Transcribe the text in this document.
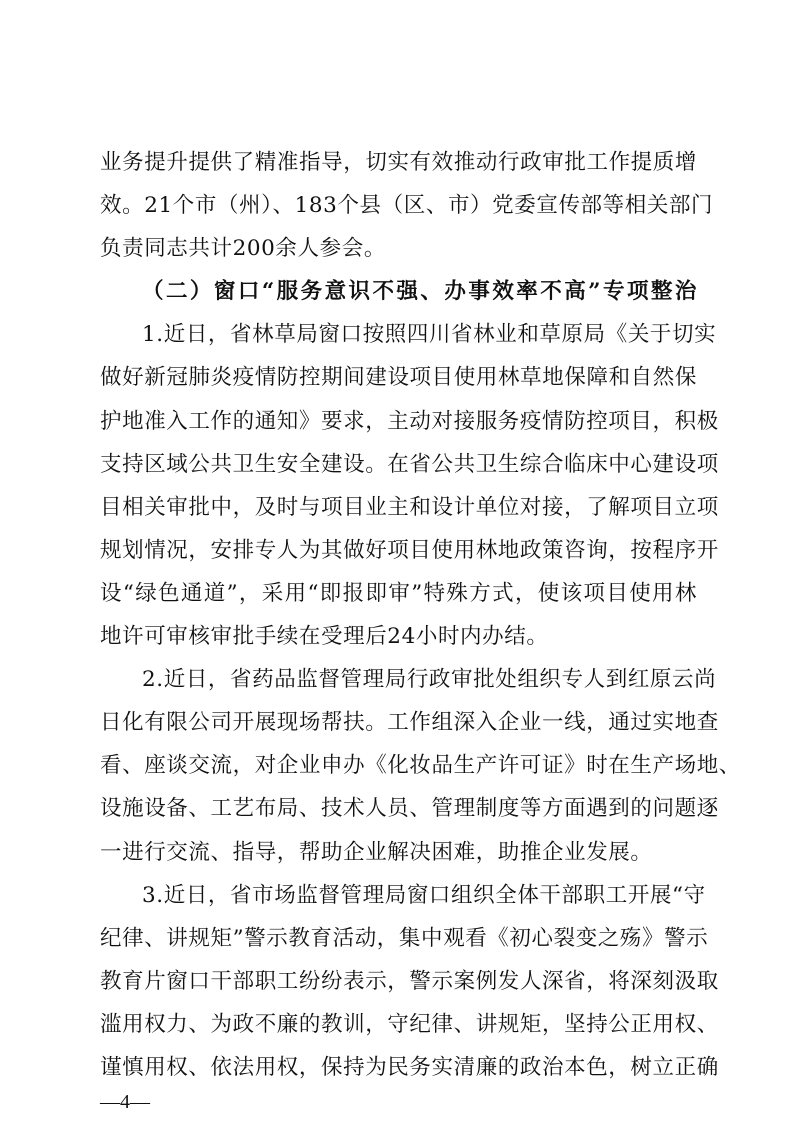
业务提升提供了精准指导，切实有效推动行政审批工作提质增
效。21个市（州）、183个县（区、市）党委宣传部等相关部门
负责同志共计200余人参会。
（二）窗口“服务意识不强、办事效率不高”专项整治
1.近日，省林草局窗口按照四川省林业和草原局《关于切实
做好新冠肺炎疫情防控期间建设项目使用林草地保障和自然保
护地准入工作的通知》要求，主动对接服务疫情防控项目，积极
支持区域公共卫生安全建设。在省公共卫生综合临床中心建设项
目相关审批中，及时与项目业主和设计单位对接，了解项目立项
规划情况，安排专人为其做好项目使用林地政策咨询，按程序开
设“绿色通道”，采用“即报即审”特殊方式，使该项目使用林
地许可审核审批手续在受理后24小时内办结。
2.近日，省药品监督管理局行政审批处组织专人到红原云尚
日化有限公司开展现场帮扶。工作组深入企业一线，通过实地查
看、座谈交流，对企业申办《化妆品生产许可证》时在生产场地、
设施设备、工艺布局、技术人员、管理制度等方面遇到的问题逐
一进行交流、指导，帮助企业解决困难，助推企业发展。
3.近日，省市场监督管理局窗口组织全体干部职工开展“守
纪律、讲规矩”警示教育活动，集中观看《初心裂变之殇》警示
教育片窗口干部职工纷纷表示，警示案例发人深省，将深刻汲取
滥用权力、为政不廉的教训，守纪律、讲规矩，坚持公正用权、
谨慎用权、依法用权，保持为民务实清廉的政治本色，树立正确
—4—
